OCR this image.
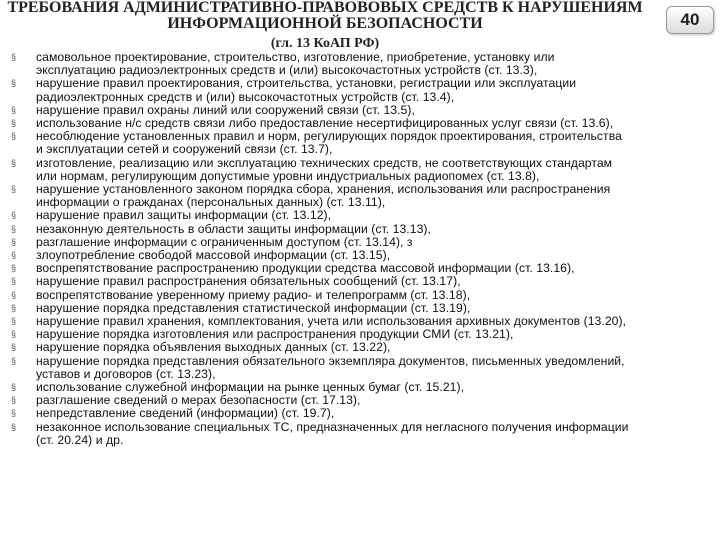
ТРЕБОВАНИЯ АДМИНИСТРАТИВНО-ПРАВОВОВЫХ СРЕДСТВ К НАРУШЕНИЯМ
ИНФОРМАЦИОННОЙ БЕЗОПАСНОСТИ
(гл. 13 КоАП РФ)
40
§ самовольное проектирование, строительство, изготовление, приобретение, установку или
эксплуатацию радиоэлектронных средств и (или) высокочастотных устройств (ст. 13.3),
§ нарушение правил проектирования, строительства, установки, регистрации или эксплуатации
радиоэлектронных средств и (или) высокочастотных устройств (ст. 13.4),
§ нарушение правил охраны линий или сооружений связи (ст. 13.5),
§ использование н/с средств связи либо предоставление несертифицированных услуг связи (ст. 13.6),
§ несоблюдение установленных правил и норм, регулирующих порядок проектирования, строительства
и эксплуатации сетей и сооружений связи (ст. 13.7),
§ изготовление, реализацию или эксплуатацию технических средств, не соответствующих стандартам
или нормам, регулирующим допустимые уровни индустриальных радиопомех (ст. 13.8),
§ нарушение установленного законом порядка сбора, хранения, использования или распространения
информации о гражданах (персональных данных) (ст. 13.11),
§ нарушение правил защиты информации (ст. 13.12),
§ незаконную деятельность в области защиты информации (ст. 13.13),
§ разглашение информации с ограниченным доступом (ст. 13.14), з
§ злоупотребление свободой массовой информации (ст. 13.15),
§ воспрепятствование распространению продукции средства массовой информации (ст. 13.16),
§ нарушение правил распространения обязательных сообщений (ст. 13.17),
§ воспрепятствование уверенному приему радио- и телепрограмм (ст. 13.18),
§ нарушение порядка представления статистической информации (ст. 13.19),
§ нарушение правил хранения, комплектования, учета или использования архивных документов (13.20),
§ нарушение порядка изготовления или распространения продукции СМИ (ст. 13.21),
§ нарушение порядка объявления выходных данных (ст. 13.22),
§ нарушение порядка представления обязательного экземпляра документов, письменных уведомлений,
уставов и договоров (ст. 13.23),
§ использование служебной информации на рынке ценных бумаг (ст. 15.21),
§ разглашение сведений о мерах безопасности (ст. 17.13),
§ непредставление сведений (информации) (ст. 19.7),
§ незаконное использование специальных ТС, предназначенных для негласного получения информации
(ст. 20.24) и др.
